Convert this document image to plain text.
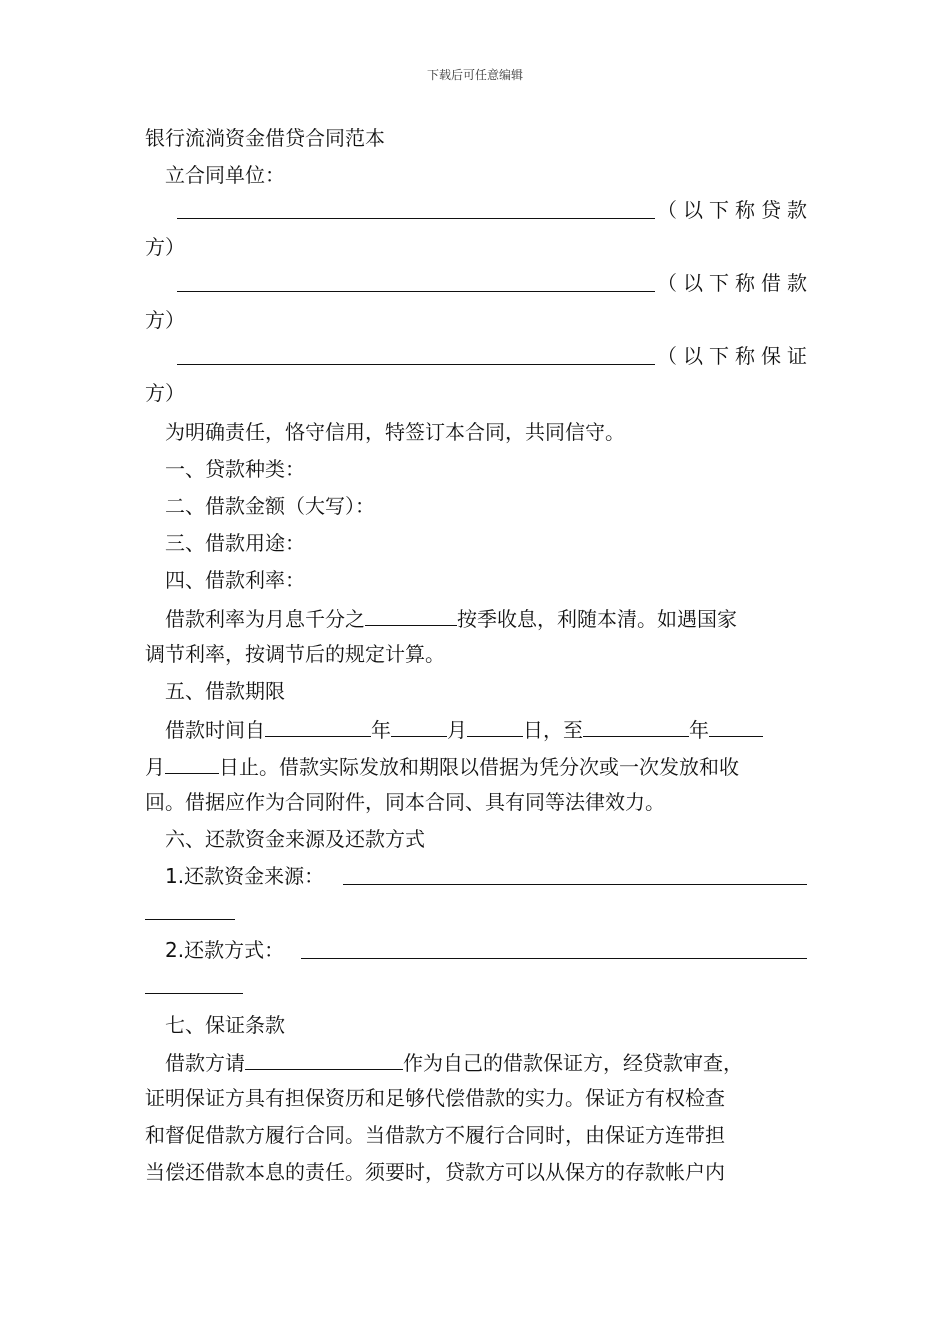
下载后可任意编辑
银行流淌资金借贷合同范本
立合同单位：
（以下称贷款
方）
（以下称借款
方）
（以下称保证
方）
为明确责任，恪守信用，特签订本合同，共同信守。
一、贷款种类：
二、借款金额（大写）：
三、借款用途：
四、借款利率：
借款利率为月息千分之	按季收息，利随本清。如遇国家
调节利率，按调节后的规定计算。
五、借款期限
借款时间自	年	月	日，至	年
月	日止。借款实际发放和期限以借据为凭分次或一次发放和收
回。借据应作为合同附件，同本合同、具有同等法律效力。
六、还款资金来源及还款方式
1.还款资金来源：
2.还款方式：
七、保证条款
借款方请	作为自己的借款保证方，经贷款审查，
证明保证方具有担保资历和足够代偿借款的实力。保证方有权检查
和督促借款方履行合同。当借款方不履行合同时，由保证方连带担
当偿还借款本息的责任。须要时，贷款方可以从保方的存款帐户内
